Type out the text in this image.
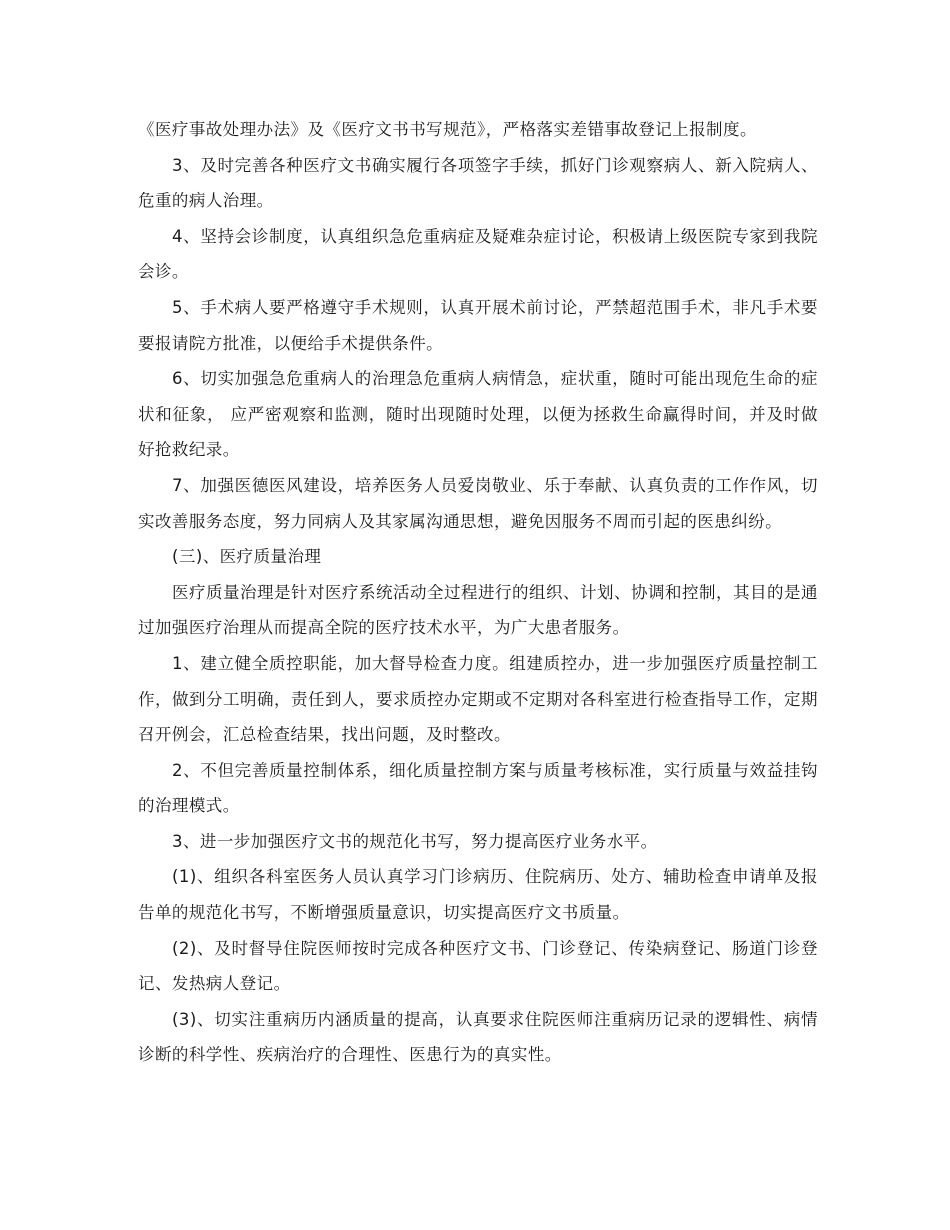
《医疗事故处理办法》及《医疗文书书写规范》，严格落实差错事故登记上报制度。

3、及时完善各种医疗文书确实履行各项签字手续，抓好门诊观察病人、新入院病人、危重的病人治理。

4、坚持会诊制度，认真组织急危重病症及疑难杂症讨论，积极请上级医院专家到我院会诊。

5、手术病人要严格遵守手术规则，认真开展术前讨论，严禁超范围手术，非凡手术要要报请院方批准，以便给手术提供条件。

6、切实加强急危重病人的治理急危重病人病情急，症状重，随时可能出现危生命的症状和征象， 应严密观察和监测，随时出现随时处理，以便为拯救生命赢得时间，并及时做好抢救纪录。

7、加强医德医风建设，培养医务人员爱岗敬业、乐于奉献、认真负责的工作作风，切实改善服务态度，努力同病人及其家属沟通思想，避免因服务不周而引起的医患纠纷。

(三)、医疗质量治理

医疗质量治理是针对医疗系统活动全过程进行的组织、计划、协调和控制，其目的是通过加强医疗治理从而提高全院的医疗技术水平，为广大患者服务。

1、建立健全质控职能，加大督导检查力度。组建质控办，进一步加强医疗质量控制工作，做到分工明确，责任到人，要求质控办定期或不定期对各科室进行检查指导工作，定期召开例会，汇总检查结果，找出问题，及时整改。

2、不但完善质量控制体系，细化质量控制方案与质量考核标准，实行质量与效益挂钩的治理模式。

3、进一步加强医疗文书的规范化书写，努力提高医疗业务水平。

(1)、组织各科室医务人员认真学习门诊病历、住院病历、处方、辅助检查申请单及报告单的规范化书写，不断增强质量意识，切实提高医疗文书质量。

(2)、及时督导住院医师按时完成各种医疗文书、门诊登记、传染病登记、肠道门诊登记、发热病人登记。

(3)、切实注重病历内涵质量的提高，认真要求住院医师注重病历记录的逻辑性、病情诊断的科学性、疾病治疗的合理性、医患行为的真实性。
